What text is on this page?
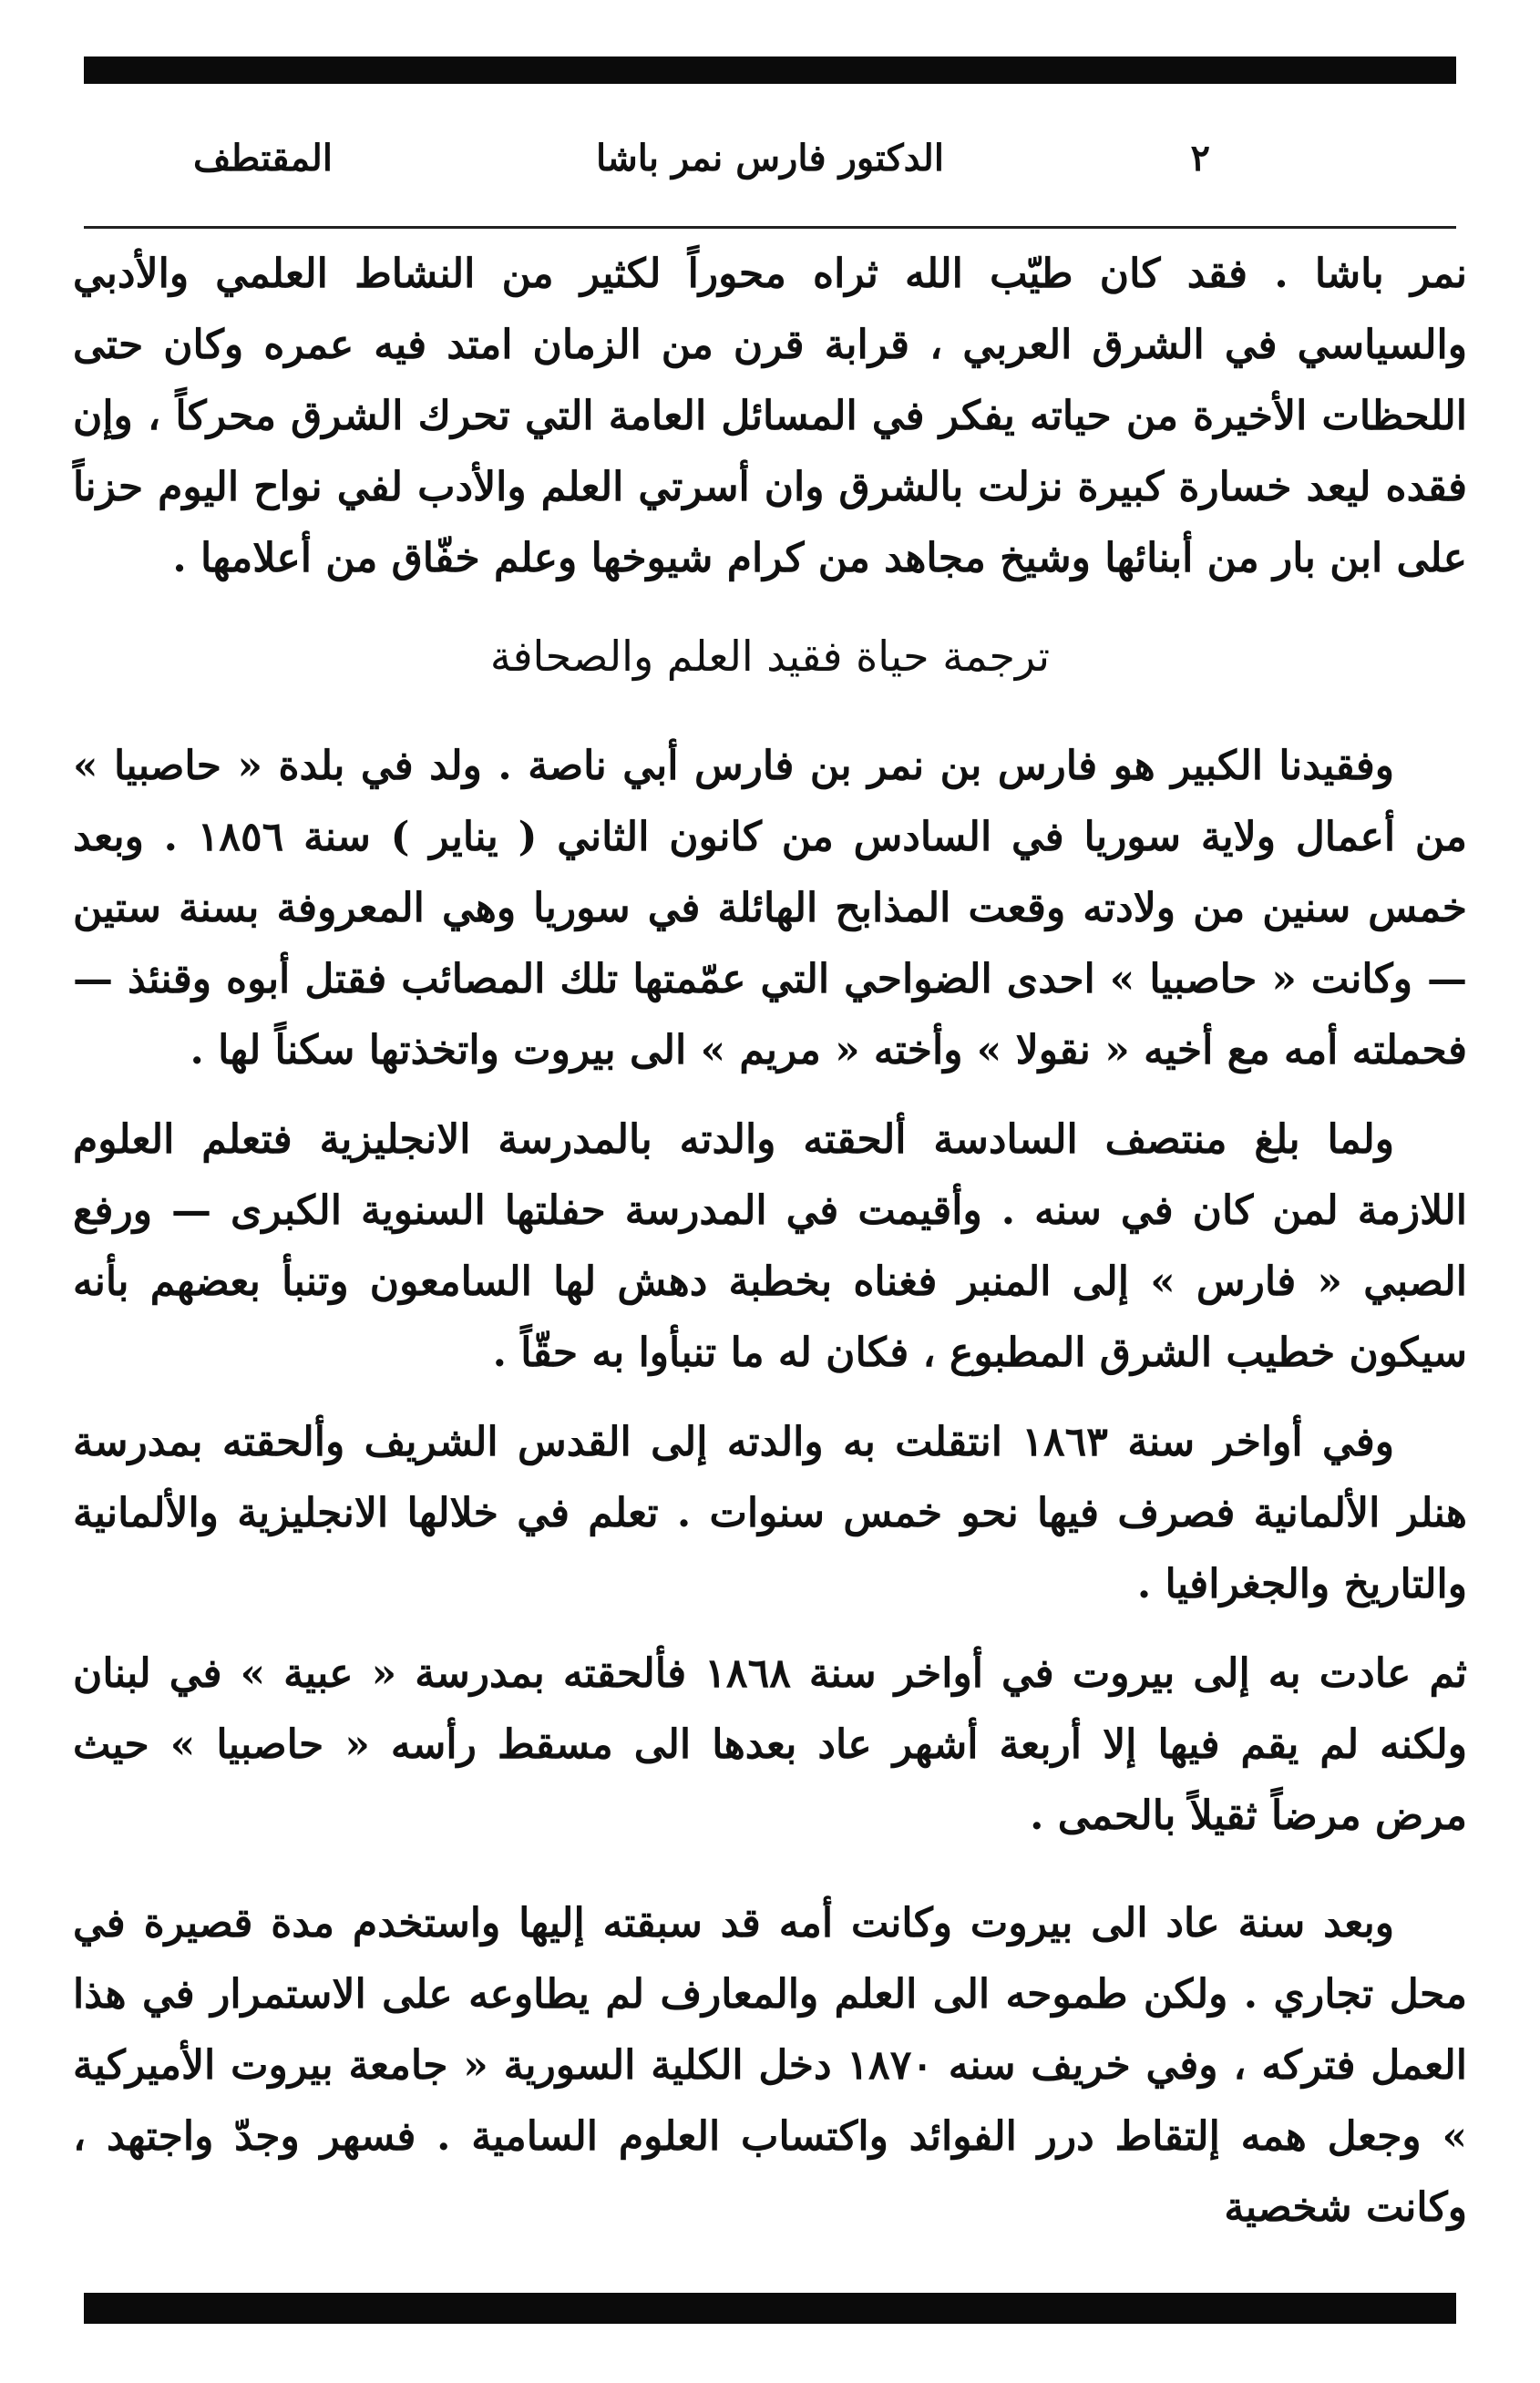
٢
الدكتور فارس نمر باشا
المقتطف

نمر باشا . فقد كان طيّب الله ثراه محوراً لكثير من النشاط العلمي والأدبي والسياسي في الشرق العربي ، قرابة قرن من الزمان امتد فيه عمره وكان حتى اللحظات الأخيرة من حياته يفكر في المسائل العامة التي تحرك الشرق محركاً ، وإن فقده ليعد خسارة كبيرة نزلت بالشرق وان أسرتي العلم والأدب لفي نواح اليوم حزناً على ابن بار من أبنائها وشيخ مجاهد من كرام شيوخها وعلم خفّاق من أعلامها .

ترجمة حياة فقيد العلم والصحافة

وفقيدنا الكبير هو فارس بن نمر بن فارس أبي ناصة . ولد في بلدة « حاصبيا » من أعمال ولاية سوريا في السادس من كانون الثاني ( يناير ) سنة ١٨٥٦ . وبعد خمس سنين من ولادته وقعت المذابح الهائلة في سوريا وهي المعروفة بسنة ستين — وكانت « حاصبيا » احدى الضواحي التي عمّمتها تلك المصائب فقتل أبوه وقنئذ — فحملته أمه مع أخيه « نقولا » وأخته « مريم » الى بيروت واتخذتها سكناً لها .

ولما بلغ منتصف السادسة ألحقته والدته بالمدرسة الانجليزية فتعلم العلوم اللازمة لمن كان في سنه . وأقيمت في المدرسة حفلتها السنوية الكبرى — ورفع الصبي « فارس » إلى المنبر فغناه بخطبة دهش لها السامعون وتنبأ بعضهم بأنه سيكون خطيب الشرق المطبوع ، فكان له ما تنبأوا به حقّاً .

وفي أواخر سنة ١٨٦٣ انتقلت به والدته إلى القدس الشريف وألحقته بمدرسة هنلر الألمانية فصرف فيها نحو خمس سنوات . تعلم في خلالها الانجليزية والألمانية والتاريخ والجغرافيا .

ثم عادت به إلى بيروت في أواخر سنة ١٨٦٨ فألحقته بمدرسة « عبية » في لبنان ولكنه لم يقم فيها إلا أربعة أشهر عاد بعدها الى مسقط رأسه « حاصبيا » حيث مرض مرضاً ثقيلاً بالحمى .

وبعد سنة عاد الى بيروت وكانت أمه قد سبقته إليها واستخدم مدة قصيرة في محل تجاري . ولكن طموحه الى العلم والمعارف لم يطاوعه على الاستمرار في هذا العمل فتركه ، وفي خريف سنه ١٨٧٠ دخل الكلية السورية « جامعة بيروت الأميركية » وجعل همه إلتقاط درر الفوائد واكتساب العلوم السامية . فسهر وجدّ واجتهد ، وكانت شخصية
